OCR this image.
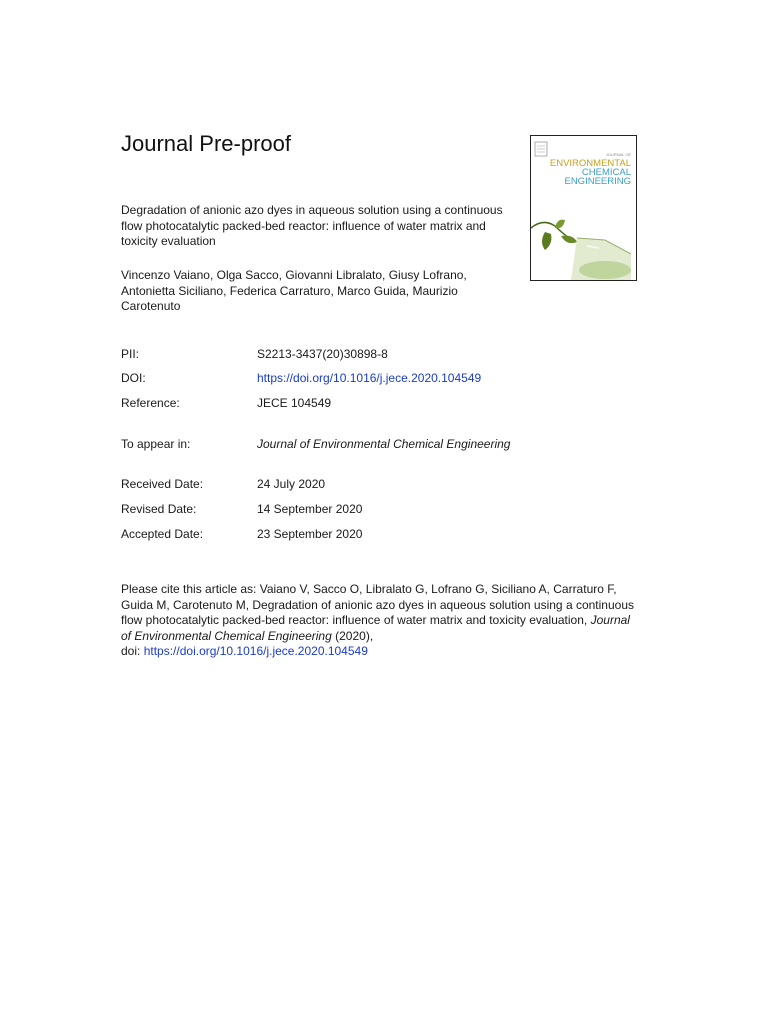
Journal Pre-proof	JOURNAL OF
ENVIRONMENTAL
CHEMICAL
ENGINEERING

Degradation of anionic azo dyes in aqueous solution using a continuous flow photocatalytic packed-bed reactor: influence of water matrix and toxicity evaluation

Vincenzo Vaiano, Olga Sacco, Giovanni Libralato, Giusy Lofrano, Antonietta Siciliano, Federica Carraturo, Marco Guida, Maurizio Carotenuto

PII:	S2213-3437(20)30898-8
DOI:	https://doi.org/10.1016/j.jece.2020.104549
Reference:	JECE 104549
To appear in:	Journal of Environmental Chemical Engineering
Received Date:	24 July 2020
Revised Date:	14 September 2020
Accepted Date:	23 September 2020

Please cite this article as: Vaiano V, Sacco O, Libralato G, Lofrano G, Siciliano A, Carraturo F, Guida M, Carotenuto M, Degradation of anionic azo dyes in aqueous solution using a continuous flow photocatalytic packed-bed reactor: influence of water matrix and toxicity evaluation, Journal of Environmental Chemical Engineering (2020),
doi: https://doi.org/10.1016/j.jece.2020.104549
